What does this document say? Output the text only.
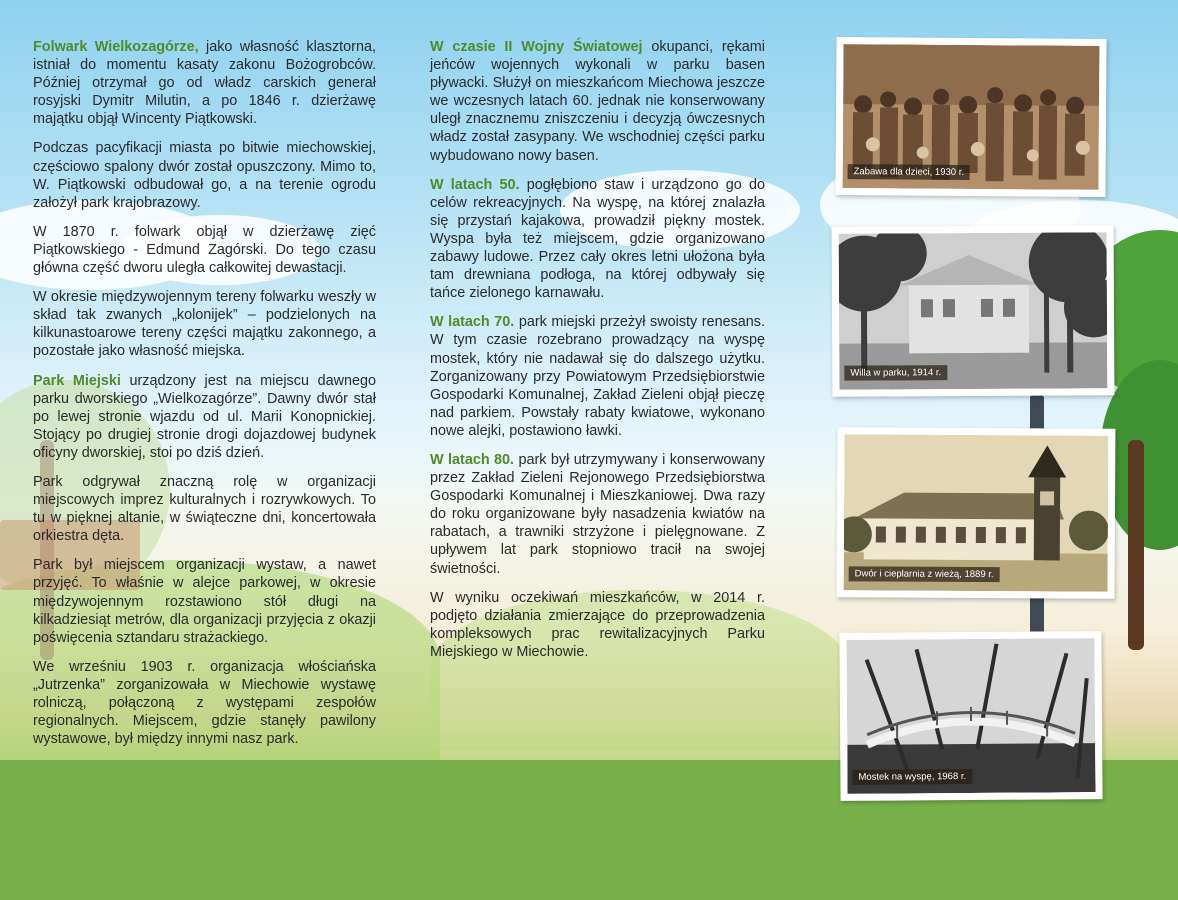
Folwark Wielkozagórze, jako własność klasztorna, istniał do momentu kasaty zakonu Bożogrobców. Później otrzymał go od władz carskich generał rosyjski Dymitr Milutin, a po 1846 r. dzierżawę majątku objął Wincenty Piątkowski.

Podczas pacyfikacji miasta po bitwie miechowskiej, częściowo spalony dwór został opuszczony. Mimo to, W. Piątkowski odbudował go, a na terenie ogrodu założył park krajobrazowy.

W 1870 r. folwark objął w dzierżawę zięć Piątkowskiego - Edmund Zagórski. Do tego czasu główna część dworu uległa całkowitej dewastacji.

W okresie międzywojennym tereny folwarku weszły w skład tak zwanych „kolonijek” – podzielonych na kilkunastoarowe tereny części majątku zakonnego, a pozostałe jako własność miejska.

Park Miejski urządzony jest na miejscu dawnego parku dworskiego „Wielkozagórze”. Dawny dwór stał po lewej stronie wjazdu od ul. Marii Konopnickiej. Stojący po drugiej stronie drogi dojazdowej budynek oficyny dworskiej, stoi po dziś dzień.

Park odgrywał znaczną rolę w organizacji miejscowych imprez kulturalnych i rozrywkowych. To tu w pięknej altanie, w świąteczne dni, koncertowała orkiestra dęta.

Park był miejscem organizacji wystaw, a nawet przyjęć. To właśnie w alejce parkowej, w okresie międzywojennym rozstawiono stół długi na kilkadziesiąt metrów, dla organizacji przyjęcia z okazji poświęcenia sztandaru strażackiego.

We wrześniu 1903 r. organizacja włościańska „Jutrzenka” zorganizowała w Miechowie wystawę rolniczą, połączoną z występami zespołów regionalnych. Miejscem, gdzie stanęły pawilony wystawowe, był między innymi nasz park.

W czasie II Wojny Światowej okupanci, rękami jeńców wojennych wykonali w parku basen pływacki. Służył on mieszkańcom Miechowa jeszcze we wczesnych latach 60. jednak nie konserwowany uległ znacznemu zniszczeniu i decyzją ówczesnych władz został zasypany. We wschodniej części parku wybudowano nowy basen.

W latach 50. pogłębiono staw i urządzono go do celów rekreacyjnych. Na wyspę, na której znalazła się przystań kajakowa, prowadził piękny mostek. Wyspa była też miejscem, gdzie organizowano zabawy ludowe. Przez cały okres letni ułożona była tam drewniana podłoga, na której odbywały się tańce zielonego karnawału.

W latach 70. park miejski przeżył swoisty renesans. W tym czasie rozebrano prowadzący na wyspę mostek, który nie nadawał się do dalszego użytku. Zorganizowany przy Powiatowym Przedsiębiorstwie Gospodarki Komunalnej, Zakład Zieleni objął pieczę nad parkiem. Powstały rabaty kwiatowe, wykonano nowe alejki, postawiono ławki.

W latach 80. park był utrzymywany i konserwowany przez Zakład Zieleni Rejonowego Przedsiębiorstwa Gospodarki Komunalnej i Mieszkaniowej. Dwa razy do roku organizowane były nasadzenia kwiatów na rabatach, a trawniki strzyżone i pielęgnowane. Z upływem lat park stopniowo tracił na swojej świetności.

W wyniku oczekiwań mieszkańców, w 2014 r. podjęto działania zmierzające do przeprowadzenia kompleksowych prac rewitalizacyjnych Parku Miejskiego w Miechowie.

Zabawa dla dzieci, 1930 r.
Willa w parku, 1914 r.
Dwór i cieplarnia z wieżą, 1889 r.
Mostek na wyspę, 1968 r.
